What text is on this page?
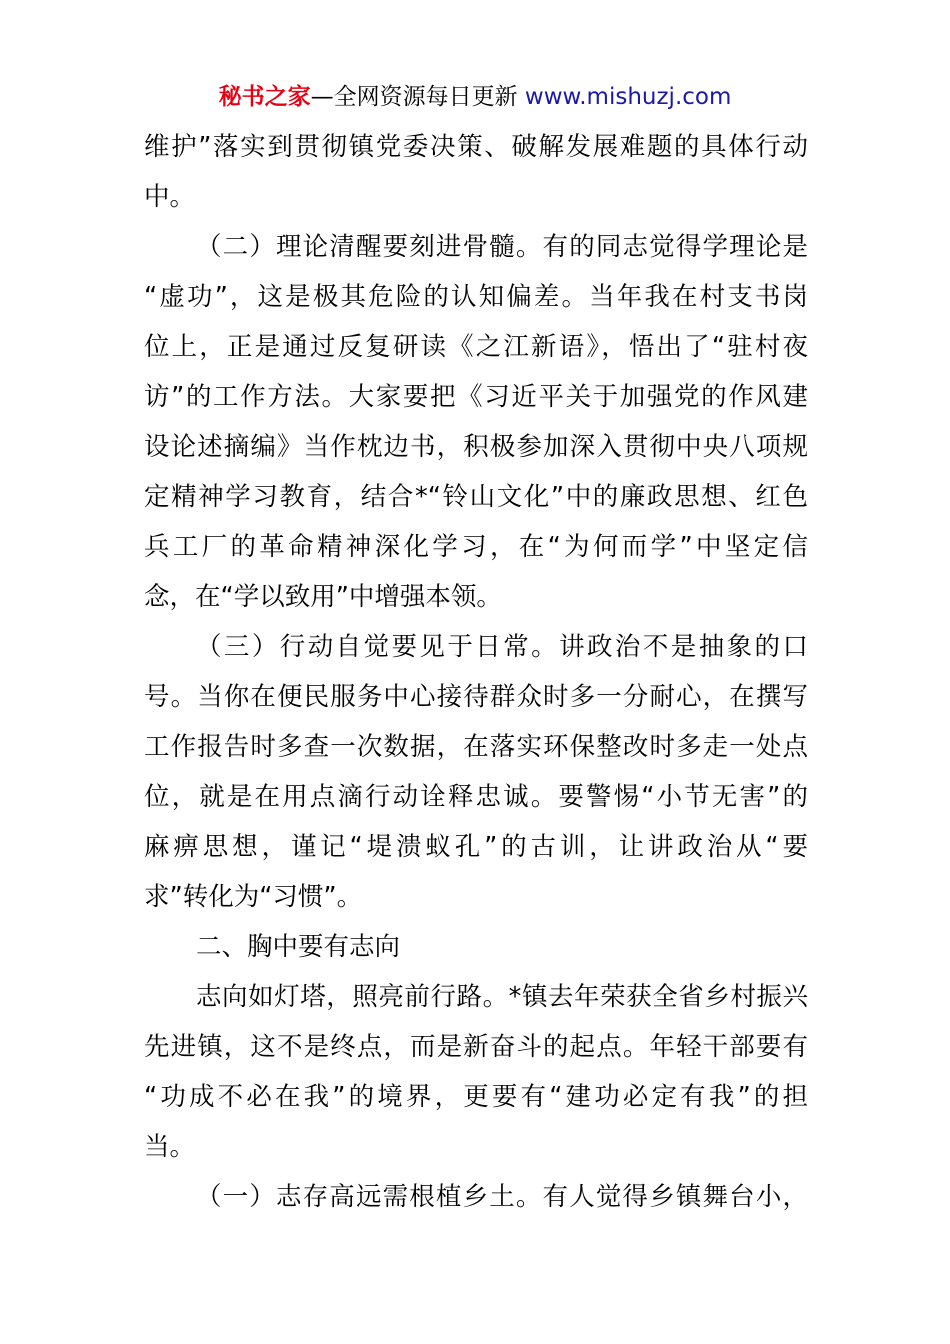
秘书之家—全网资源每日更新 www.mishuzj.com
维护”落实到贯彻镇党委决策、破解发展难题的具体行动
中。
（二）理论清醒要刻进骨髓。有的同志觉得学理论是
“虚功”，这是极其危险的认知偏差。当年我在村支书岗
位上，正是通过反复研读《之江新语》，悟出了“驻村夜
访”的工作方法。大家要把《习近平关于加强党的作风建
设论述摘编》当作枕边书，积极参加深入贯彻中央八项规
定精神学习教育，结合*“铃山文化”中的廉政思想、红色
兵工厂的革命精神深化学习，在“为何而学”中坚定信
念，在“学以致用”中增强本领。
（三）行动自觉要见于日常。讲政治不是抽象的口
号。当你在便民服务中心接待群众时多一分耐心，在撰写
工作报告时多查一次数据，在落实环保整改时多走一处点
位，就是在用点滴行动诠释忠诚。要警惕“小节无害”的
麻痹思想，谨记“堤溃蚁孔”的古训，让讲政治从“要
求”转化为“习惯”。
二、胸中要有志向
志向如灯塔，照亮前行路。*镇去年荣获全省乡村振兴
先进镇，这不是终点，而是新奋斗的起点。年轻干部要有
“功成不必在我”的境界，更要有“建功必定有我”的担
当。
（一）志存高远需根植乡土。有人觉得乡镇舞台小，
